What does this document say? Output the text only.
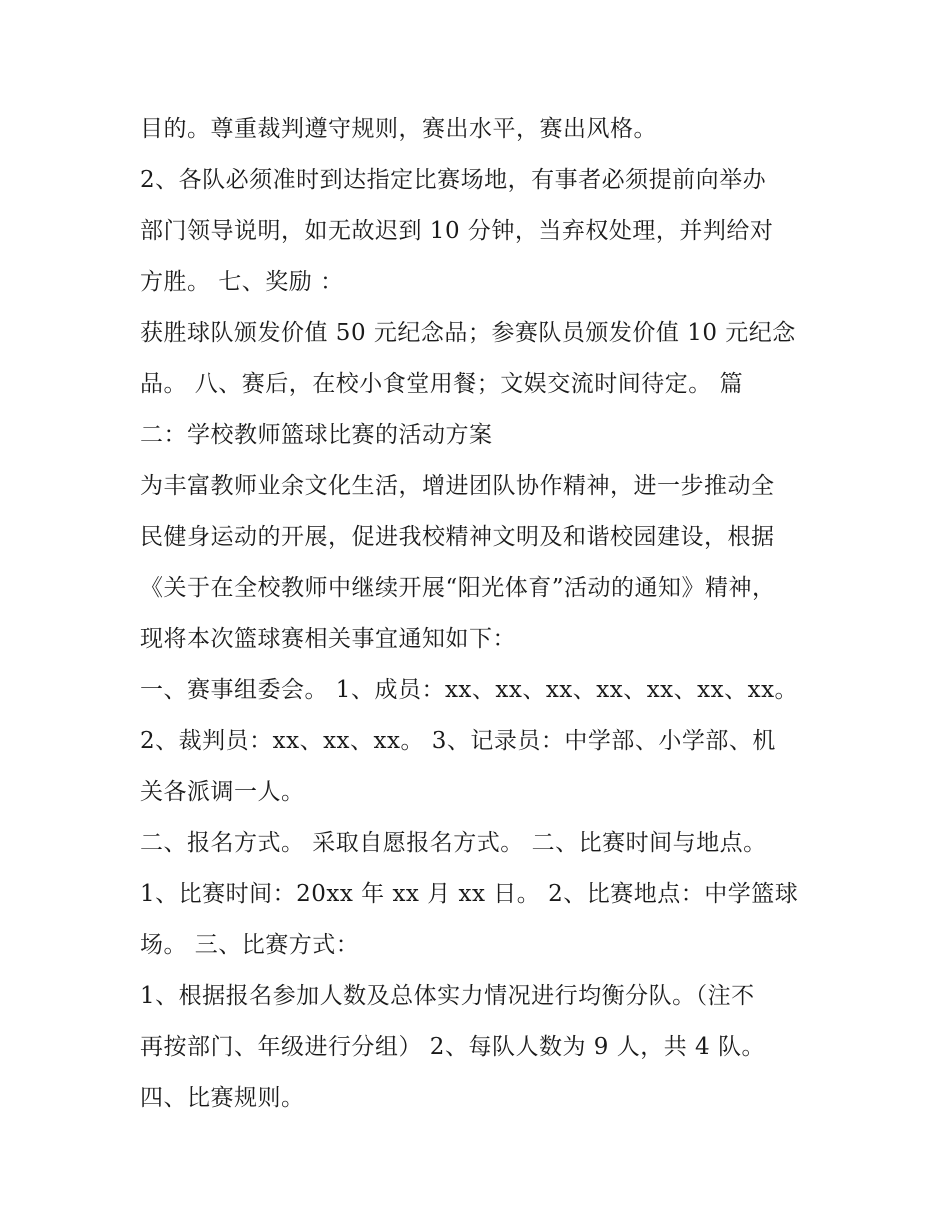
目的。尊重裁判遵守规则，赛出水平，赛出风格。
2、各队必须准时到达指定比赛场地，有事者必须提前向举办
部门领导说明，如无故迟到 10 分钟，当弃权处理，并判给对
方胜。 七、奖励 ：
获胜球队颁发价值 50 元纪念品；参赛队员颁发价值 10 元纪念
品。 八、赛后，在校小食堂用餐；文娱交流时间待定。 篇
二：学校教师篮球比赛的活动方案
为丰富教师业余文化生活，增进团队协作精神，进一步推动全
民健身运动的开展，促进我校精神文明及和谐校园建设，根据
《关于在全校教师中继续开展“阳光体育”活动的通知》精神，
现将本次篮球赛相关事宜通知如下：
一、赛事组委会。 1、成员：xx、xx、xx、xx、xx、xx、xx。
2、裁判员：xx、xx、xx。 3、记录员：中学部、小学部、机
关各派调一人。
二、报名方式。 采取自愿报名方式。 二、比赛时间与地点。
1、比赛时间：20xx 年 xx 月 xx 日。 2、比赛地点：中学篮球
场。 三、比赛方式：
1、根据报名参加人数及总体实力情况进行均衡分队。（注不
再按部门、年级进行分组） 2、每队人数为 9 人，共 4 队。
四、比赛规则。
